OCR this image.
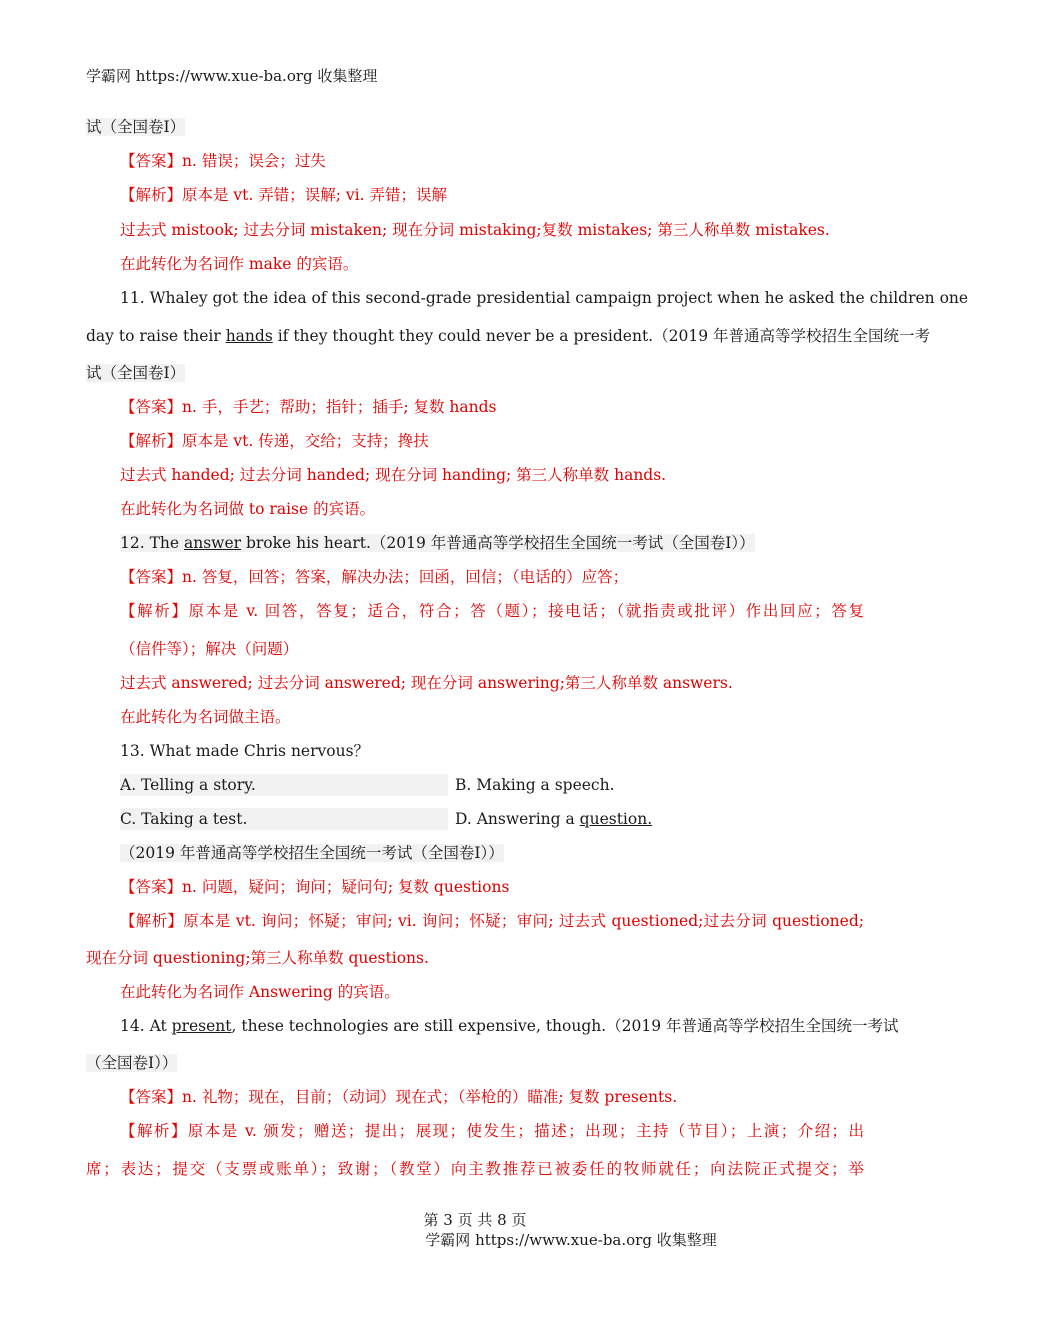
学霸网 https://www.xue-ba.org 收集整理
试（全国卷Ⅰ）
【答案】n. 错误；误会；过失
【解析】原本是 vt. 弄错；误解; vi. 弄错；误解
过去式 mistook; 过去分词 mistaken; 现在分词 mistaking;复数 mistakes; 第三人称单数 mistakes.
在此转化为名词作 make 的宾语。
11. Whaley got the idea of this second-grade presidential campaign project when he asked the children one
day to raise their hands if they thought they could never be a president.（2019 年普通高等学校招生全国统一考
试（全国卷Ⅰ）
【答案】n. 手，手艺；帮助；指针；插手; 复数 hands
【解析】原本是 vt. 传递，交给；支持；搀扶
过去式 handed; 过去分词 handed; 现在分词 handing; 第三人称单数 hands.
在此转化为名词做 to raise 的宾语。
12. The answer broke his heart.（2019 年普通高等学校招生全国统一考试（全国卷Ⅰ））
【答案】n. 答复，回答；答案，解决办法；回函，回信；（电话的）应答；
【解析】原本是 v. 回答，答复；适合，符合；答（题）；接电话；（就指责或批评）作出回应；答复
（信件等）；解决（问题）
过去式 answered; 过去分词 answered; 现在分词 answering;第三人称单数 answers.
在此转化为名词做主语。
13. What made Chris nervous？
A. Telling a story.	B. Making a speech.
C. Taking a test.	D. Answering a question.
（2019 年普通高等学校招生全国统一考试（全国卷Ⅰ））
【答案】n. 问题，疑问；询问；疑问句; 复数 questions
【解析】原本是 vt. 询问；怀疑；审问; vi. 询问；怀疑；审问; 过去式 questioned;过去分词 questioned;
现在分词 questioning;第三人称单数 questions.
在此转化为名词作 Answering 的宾语。
14. At present, these technologies are still expensive, though.（2019 年普通高等学校招生全国统一考试
（全国卷Ⅰ））
【答案】n. 礼物；现在，目前；（动词）现在式；（举枪的）瞄准; 复数 presents.
【解析】原本是 v. 颁发；赠送；提出；展现；使发生；描述；出现；主持（节目）；上演；介绍；出
席；表达；提交（支票或账单）；致谢；（教堂）向主教推荐已被委任的牧师就任；向法院正式提交；举
第 3 页 共 8 页
学霸网 https://www.xue-ba.org 收集整理
